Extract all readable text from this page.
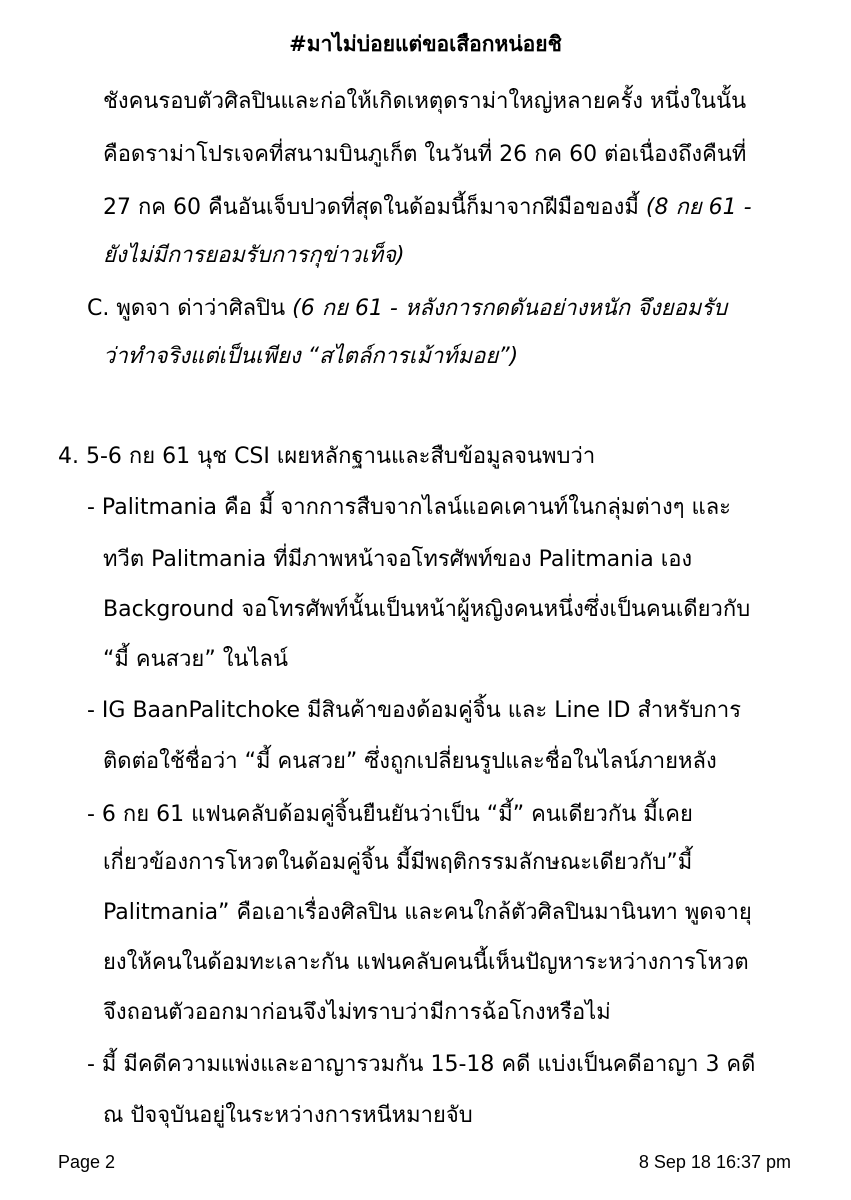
#มาไม่บ่อยแต่ขอเสือกหน่อยชิ
ชังคนรอบตัวศิลปินและก่อให้เกิดเหตุดราม่าใหญ่หลายครั้ง หนึ่งในนั้น
คือดราม่าโปรเจคที่สนามบินภูเก็ต ในวันที่ 26 กค 60 ต่อเนื่องถึงคืนที่
27 กค 60 คืนอันเจ็บปวดที่สุดในด้อมนี้ก็มาจากฝีมือของมี้ (8 กย 61 -
ยังไม่มีการยอมรับการกุข่าวเท็จ)
C. พูดจา ด่าว่าศิลปิน (6 กย 61 - หลังการกดดันอย่างหนัก จึงยอมรับ
ว่าทำจริงแต่เป็นเพียง “สไตล์การเม้าท์มอย”)
4. 5-6 กย 61 นุช CSI เผยหลักฐานและสืบข้อมูลจนพบว่า
- Palitmania คือ มี้ จากการสืบจากไลน์แอคเคานท์ในกลุ่มต่างๆ และ
ทวีต Palitmania ที่มีภาพหน้าจอโทรศัพท์ของ Palitmania เอง
Background จอโทรศัพท์นั้นเป็นหน้าผู้หญิงคนหนึ่งซึ่งเป็นคนเดียวกับ
“มี้ คนสวย” ในไลน์
- IG BaanPalitchoke มีสินค้าของด้อมคู่จิ้น และ Line ID สำหรับการ
ติดต่อใช้ชื่อว่า “มี้ คนสวย” ซึ่งถูกเปลี่ยนรูปและชื่อในไลน์ภายหลัง
- 6 กย 61 แฟนคลับด้อมคู่จิ้นยืนยันว่าเป็น “มี้” คนเดียวกัน มี้เคย
เกี่ยวข้องการโหวตในด้อมคู่จิ้น มี้มีพฤติกรรมลักษณะเดียวกับ”มี้
Palitmania” คือเอาเรื่องศิลปิน และคนใกล้ตัวศิลปินมานินทา พูดจายุ
ยงให้คนในด้อมทะเลาะกัน แฟนคลับคนนี้เห็นปัญหาระหว่างการโหวต
จึงถอนตัวออกมาก่อนจึงไม่ทราบว่ามีการฉ้อโกงหรือไม่
- มี้ มีคดีความแพ่งและอาญารวมกัน 15-18 คดี แบ่งเป็นคดีอาญา 3 คดี
ณ ปัจจุบันอยู่ในระหว่างการหนีหมายจับ
Page 2	8 Sep 18 16:37 pm
